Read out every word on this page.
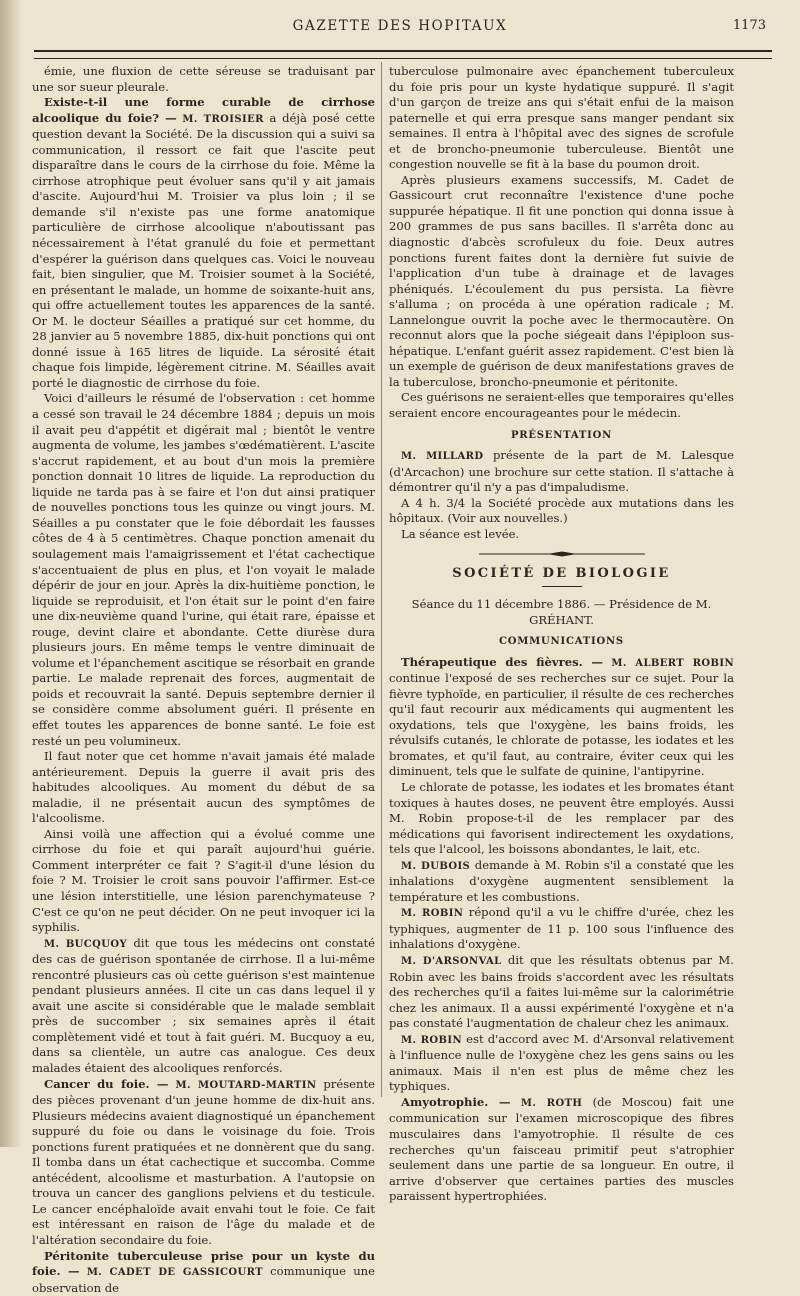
GAZETTE DES HOPITAUX	1173

émie, une fluxion de cette séreuse se traduisant par une sor sueur pleurale.

Existe-t-il une forme curable de cirrhose alcoolique du foie? — M. TROISIER a déjà posé cette question devant la Société. De la discussion qui a suivi sa communication, il ressort ce fait que l'ascite peut disparaître dans le cours de la cirrhose du foie. Même la cirrhose atrophique peut évoluer sans qu'il y ait jamais d'ascite. Aujourd'hui M. Troisier va plus loin ; il se demande s'il n'existe pas une forme anatomique particulière de cirrhose alcoolique n'aboutissant pas nécessairement à l'état granulé du foie et permettant d'espérer la guérison dans quelques cas. Voici le nouveau fait, bien singulier, que M. Troisier soumet à la Société, en présentant le malade, un homme de soixante-huit ans, qui offre actuellement toutes les apparences de la santé. Or M. le docteur Séailles a pratiqué sur cet homme, du 28 janvier au 5 novembre 1885, dix-huit ponctions qui ont donné issue à 165 litres de liquide. La sérosité était chaque fois limpide, légèrement citrine. M. Séailles avait porté le diagnostic de cirrhose du foie.

Voici d'ailleurs le résumé de l'observation : cet homme a cessé son travail le 24 décembre 1884 ; depuis un mois il avait peu d'appétit et digérait mal ; bientôt le ventre augmenta de volume, les jambes s'œdématièrent. L'ascite s'accrut rapidement, et au bout d'un mois la première ponction donnait 10 litres de liquide. La reproduction du liquide ne tarda pas à se faire et l'on dut ainsi pratiquer de nouvelles ponctions tous les quinze ou vingt jours. M. Séailles a pu constater que le foie débordait les fausses côtes de 4 à 5 centimètres. Chaque ponction amenait du soulagement mais l'amaigrissement et l'état cachectique s'accentuaient de plus en plus, et l'on voyait le malade dépérir de jour en jour. Après la dix-huitième ponction, le liquide se reproduisit, et l'on était sur le point d'en faire une dix-neuvième quand l'urine, qui était rare, épaisse et rouge, devint claire et abondante. Cette diurèse dura plusieurs jours. En même temps le ventre diminuait de volume et l'épanchement ascitique se résorbait en grande partie. Le malade reprenait des forces, augmentait de poids et recouvrait la santé. Depuis septembre dernier il se considère comme absolument guéri. Il présente en effet toutes les apparences de bonne santé. Le foie est resté un peu volumineux.

Il faut noter que cet homme n'avait jamais été malade antérieurement. Depuis la guerre il avait pris des habitudes alcooliques. Au moment du début de sa maladie, il ne présentait aucun des symptômes de l'alcoolisme.

Ainsi voilà une affection qui a évolué comme une cirrhose du foie et qui paraît aujourd'hui guérie. Comment interpréter ce fait ? S'agit-il d'une lésion du foie ? M. Troisier le croit sans pouvoir l'affirmer. Est-ce une lésion interstitielle, une lésion parenchymateuse ? C'est ce qu'on ne peut décider. On ne peut invoquer ici la syphilis.

M. BUCQUOY dit que tous les médecins ont constaté des cas de guérison spontanée de cirrhose. Il a lui-même rencontré plusieurs cas où cette guérison s'est maintenue pendant plusieurs années. Il cite un cas dans lequel il y avait une ascite si considérable que le malade semblait près de succomber ; six semaines après il était complètement vidé et tout à fait guéri. M. Bucquoy a eu, dans sa clientèle, un autre cas analogue. Ces deux malades étaient des alcooliques renforcés.

Cancer du foie. — M. MOUTARD-MARTIN présente des pièces provenant d'un jeune homme de dix-huit ans. Plusieurs médecins avaient diagnostiqué un épanchement suppuré du foie ou dans le voisinage du foie. Trois ponctions furent pratiquées et ne donnèrent que du sang. Il tomba dans un état cachectique et succomba. Comme antécédent, alcoolisme et masturbation. A l'autopsie on trouva un cancer des ganglions pelviens et du testicule. Le cancer encéphaloïde avait envahi tout le foie. Ce fait est intéressant en raison de l'âge du malade et de l'altération secondaire du foie.

Péritonite tuberculeuse prise pour un kyste du foie. — M. CADET DE GASSICOURT communique une observation de

tuberculose pulmonaire avec épanchement tuberculeux du foie pris pour un kyste hydatique suppuré. Il s'agit d'un garçon de treize ans qui s'était enfui de la maison paternelle et qui erra presque sans manger pendant six semaines. Il entra à l'hôpital avec des signes de scrofule et de broncho-pneumonie tuberculeuse. Bientôt une congestion nouvelle se fit à la base du poumon droit.

Après plusieurs examens successifs, M. Cadet de Gassicourt crut reconnaître l'existence d'une poche suppurée hépatique. Il fit une ponction qui donna issue à 200 grammes de pus sans bacilles. Il s'arrêta donc au diagnostic d'abcès scrofuleux du foie. Deux autres ponctions furent faites dont la dernière fut suivie de l'application d'un tube à drainage et de lavages phéniqués. L'écoulement du pus persista. La fièvre s'alluma ; on procéda à une opération radicale ; M. Lannelongue ouvrit la poche avec le thermocautère. On reconnut alors que la poche siégeait dans l'épiploon sus-hépatique. L'enfant guérit assez rapidement. C'est bien là un exemple de guérison de deux manifestations graves de la tuberculose, broncho-pneumonie et péritonite.

Ces guérisons ne seraient-elles que temporaires qu'elles seraient encore encourageantes pour le médecin.

PRÉSENTATION

M. MILLARD présente de la part de M. Lalesque (d'Arcachon) une brochure sur cette station. Il s'attache à démontrer qu'il n'y a pas d'impaludisme.

A 4 h. 3/4 la Société procède aux mutations dans les hôpitaux. (Voir aux nouvelles.)

La séance est levée.

SOCIÉTÉ DE BIOLOGIE

Séance du 11 décembre 1886. — Présidence de M. GRÉHANT.

COMMUNICATIONS

Thérapeutique des fièvres. — M. ALBERT ROBIN continue l'exposé de ses recherches sur ce sujet. Pour la fièvre typhoïde, en particulier, il résulte de ces recherches qu'il faut recourir aux médicaments qui augmentent les oxydations, tels que l'oxygène, les bains froids, les révulsifs cutanés, le chlorate de potasse, les iodates et les bromates, et qu'il faut, au contraire, éviter ceux qui les diminuent, tels que le sulfate de quinine, l'antipyrine.

Le chlorate de potasse, les iodates et les bromates étant toxiques à hautes doses, ne peuvent être employés. Aussi M. Robin propose-t-il de les remplacer par des médications qui favorisent indirectement les oxydations, tels que l'alcool, les boissons abondantes, le lait, etc.

M. DUBOIS demande à M. Robin s'il a constaté que les inhalations d'oxygène augmentent sensiblement la température et les combustions.

M. ROBIN répond qu'il a vu le chiffre d'urée, chez les typhiques, augmenter de 11 p. 100 sous l'influence des inhalations d'oxygène.

M. D'ARSONVAL dit que les résultats obtenus par M. Robin avec les bains froids s'accordent avec les résultats des recherches qu'il a faites lui-même sur la calorimétrie chez les animaux. Il a aussi expérimenté l'oxygène et n'a pas constaté l'augmentation de chaleur chez les animaux.

M. ROBIN est d'accord avec M. d'Arsonval relativement à l'influence nulle de l'oxygène chez les gens sains ou les animaux. Mais il n'en est plus de même chez les typhiques.

Amyotrophie. — M. ROTH (de Moscou) fait une communication sur l'examen microscopique des fibres musculaires dans l'amyotrophie. Il résulte de ces recherches qu'un faisceau primitif peut s'atrophier seulement dans une partie de sa longueur. En outre, il arrive d'observer que certaines parties des muscles paraissent hypertrophiées.
